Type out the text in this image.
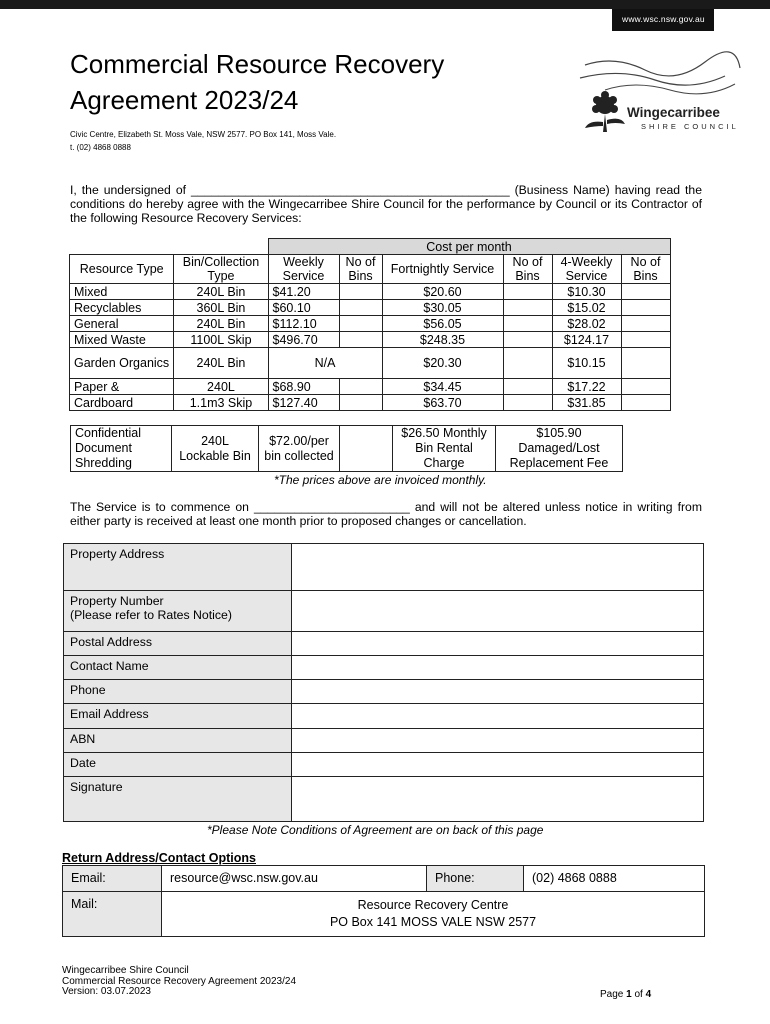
www.wsc.nsw.gov.au
Commercial Resource Recovery
Agreement 2023/24
Civic Centre, Elizabeth St. Moss Vale, NSW 2577. PO Box 141, Moss Vale.
t. (02) 4868 0888
Wingecarribee
SHIRE COUNCIL
I, the undersigned of _______________________________________________ (Business Name) having read the conditions do hereby agree with the Wingecarribee Shire Council for the performance by Council or its Contractor of the following Resource Recovery Services:
		Cost per month					
Resource Type	Bin/Collection Type	Weekly Service	No of Bins	Fortnightly Service	No of Bins	4-Weekly Service	No of Bins
Mixed	240L Bin	$41.20		$20.60		$10.30	
Recyclables	360L Bin	$60.10		$30.05		$15.02	
General	240L Bin	$112.10		$56.05		$28.02	
Mixed Waste	1100L Skip	$496.70		$248.35		$124.17	
Garden Organics	240L Bin	N/A		$20.30		$10.15	
Paper &	240L	$68.90		$34.45		$17.22	
Cardboard	1.1m3 Skip	$127.40		$63.70		$31.85	
Confidential Document Shredding	240L Lockable Bin	$72.00/per bin collected		$26.50 Monthly Bin Rental Charge	$105.90 Damaged/Lost Replacement Fee
*The prices above are invoiced monthly.
The Service is to commence on _______________________ and will not be altered unless notice in writing from either party is received at least one month prior to proposed changes or cancellation.
Property Address	
Property Number
(Please refer to Rates Notice)	
Postal Address	
Contact Name	
Phone	
Email Address	
ABN	
Date	
Signature	
*Please Note Conditions of Agreement are on back of this page
Return Address/Contact Options
Email:	resource@wsc.nsw.gov.au	Phone:	(02) 4868 0888
Mail:	Resource Recovery Centre
PO Box 141 MOSS VALE NSW 2577		
Wingecarribee Shire Council
Commercial Resource Recovery Agreement 2023/24
Version: 03.07.2023	Page 1 of 4
